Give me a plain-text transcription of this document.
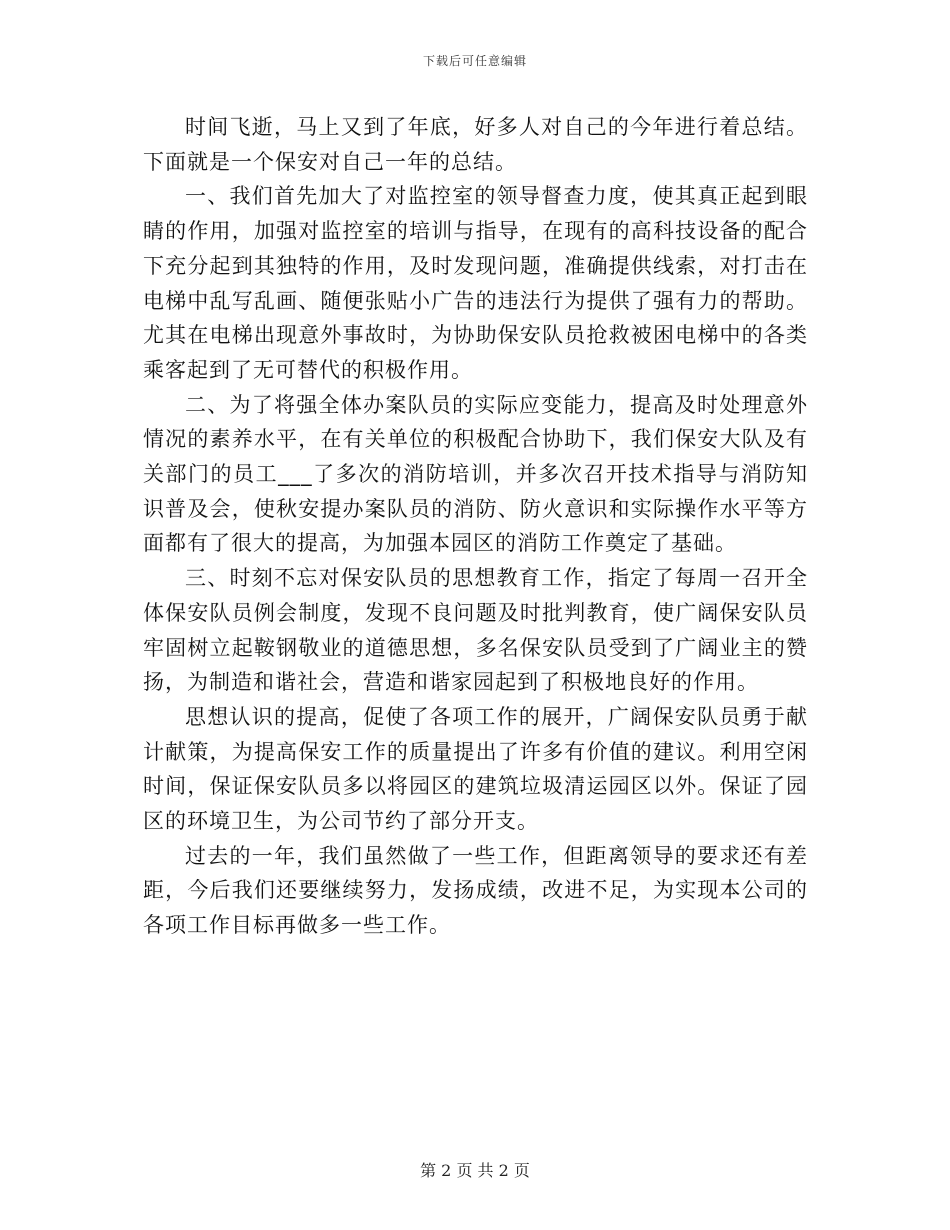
下载后可任意编辑

时间飞逝，马上又到了年底，好多人对自己的今年进行着总结。下面就是一个保安对自己一年的总结。

一、我们首先加大了对监控室的领导督查力度，使其真正起到眼睛的作用，加强对监控室的培训与指导，在现有的高科技设备的配合下充分起到其独特的作用，及时发现问题，准确提供线索，对打击在电梯中乱写乱画、随便张贴小广告的违法行为提供了强有力的帮助。尤其在电梯出现意外事故时，为协助保安队员抢救被困电梯中的各类乘客起到了无可替代的积极作用。

二、为了将强全体办案队员的实际应变能力，提高及时处理意外情况的素养水平，在有关单位的积极配合协助下，我们保安大队及有关部门的员工___了多次的消防培训，并多次召开技术指导与消防知识普及会，使秋安提办案队员的消防、防火意识和实际操作水平等方面都有了很大的提高，为加强本园区的消防工作奠定了基础。

三、时刻不忘对保安队员的思想教育工作，指定了每周一召开全体保安队员例会制度，发现不良问题及时批判教育，使广阔保安队员牢固树立起鞍钢敬业的道德思想，多名保安队员受到了广阔业主的赞扬，为制造和谐社会，营造和谐家园起到了积极地良好的作用。

思想认识的提高，促使了各项工作的展开，广阔保安队员勇于献计献策，为提高保安工作的质量提出了许多有价值的建议。利用空闲时间，保证保安队员多以将园区的建筑垃圾清运园区以外。保证了园区的环境卫生，为公司节约了部分开支。

过去的一年，我们虽然做了一些工作，但距离领导的要求还有差距，今后我们还要继续努力，发扬成绩，改进不足，为实现本公司的各项工作目标再做多一些工作。

第 2 页 共 2 页
